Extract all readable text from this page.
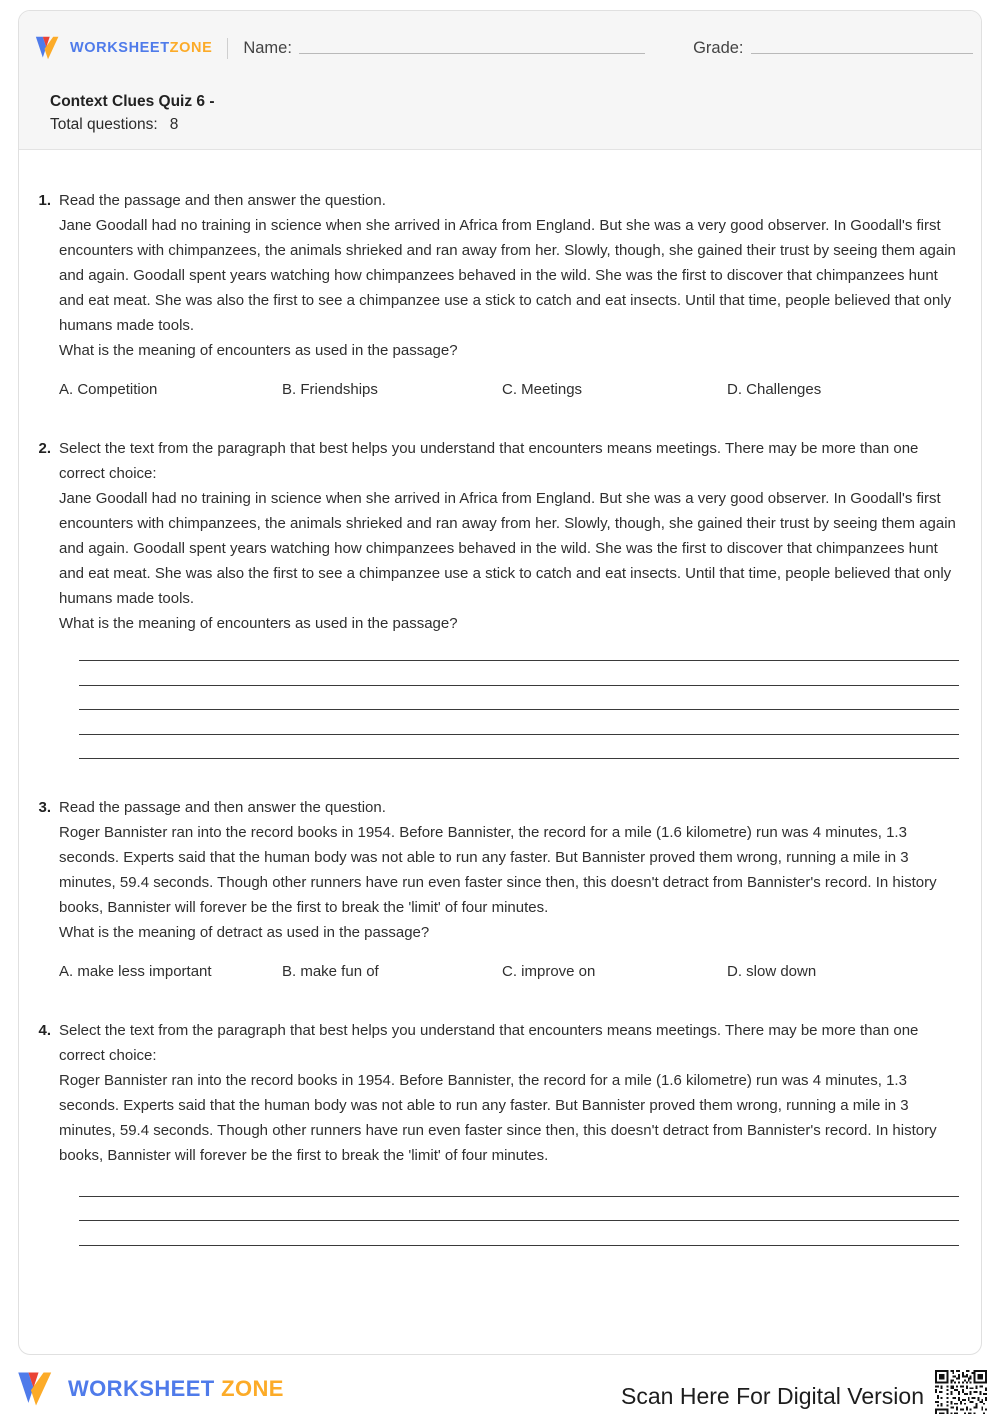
WORKSHEETZONE Name:	Grade:
Context Clues Quiz 6 -
Total questions: 8
1. Read the passage and then answer the question.
Jane Goodall had no training in science when she arrived in Africa from England. But she was a very good observer. In Goodall's first encounters with chimpanzees, the animals shrieked and ran away from her. Slowly, though, she gained their trust by seeing them again and again. Goodall spent years watching how chimpanzees behaved in the wild. She was the first to discover that chimpanzees hunt and eat meat. She was also the first to see a chimpanzee use a stick to catch and eat insects. Until that time, people believed that only humans made tools.
What is the meaning of encounters as used in the passage?
A. Competition	B. Friendships	C. Meetings	D. Challenges
2. Select the text from the paragraph that best helps you understand that encounters means meetings. There may be more than one correct choice:
Jane Goodall had no training in science when she arrived in Africa from England. But she was a very good observer. In Goodall's first encounters with chimpanzees, the animals shrieked and ran away from her. Slowly, though, she gained their trust by seeing them again and again. Goodall spent years watching how chimpanzees behaved in the wild. She was the first to discover that chimpanzees hunt and eat meat. She was also the first to see a chimpanzee use a stick to catch and eat insects. Until that time, people believed that only humans made tools.
What is the meaning of encounters as used in the passage?
3. Read the passage and then answer the question.
Roger Bannister ran into the record books in 1954. Before Bannister, the record for a mile (1.6 kilometre) run was 4 minutes, 1.3 seconds. Experts said that the human body was not able to run any faster. But Bannister proved them wrong, running a mile in 3 minutes, 59.4 seconds. Though other runners have run even faster since then, this doesn't detract from Bannister's record. In history books, Bannister will forever be the first to break the 'limit' of four minutes.
What is the meaning of detract as used in the passage?
A. make less important	B. make fun of	C. improve on	D. slow down
4. Select the text from the paragraph that best helps you understand that encounters means meetings. There may be more than one correct choice:
Roger Bannister ran into the record books in 1954. Before Bannister, the record for a mile (1.6 kilometre) run was 4 minutes, 1.3 seconds. Experts said that the human body was not able to run any faster. But Bannister proved them wrong, running a mile in 3 minutes, 59.4 seconds. Though other runners have run even faster since then, this doesn't detract from Bannister's record. In history books, Bannister will forever be the first to break the 'limit' of four minutes.
WORKSHEET ZONE	Scan Here For Digital Version
